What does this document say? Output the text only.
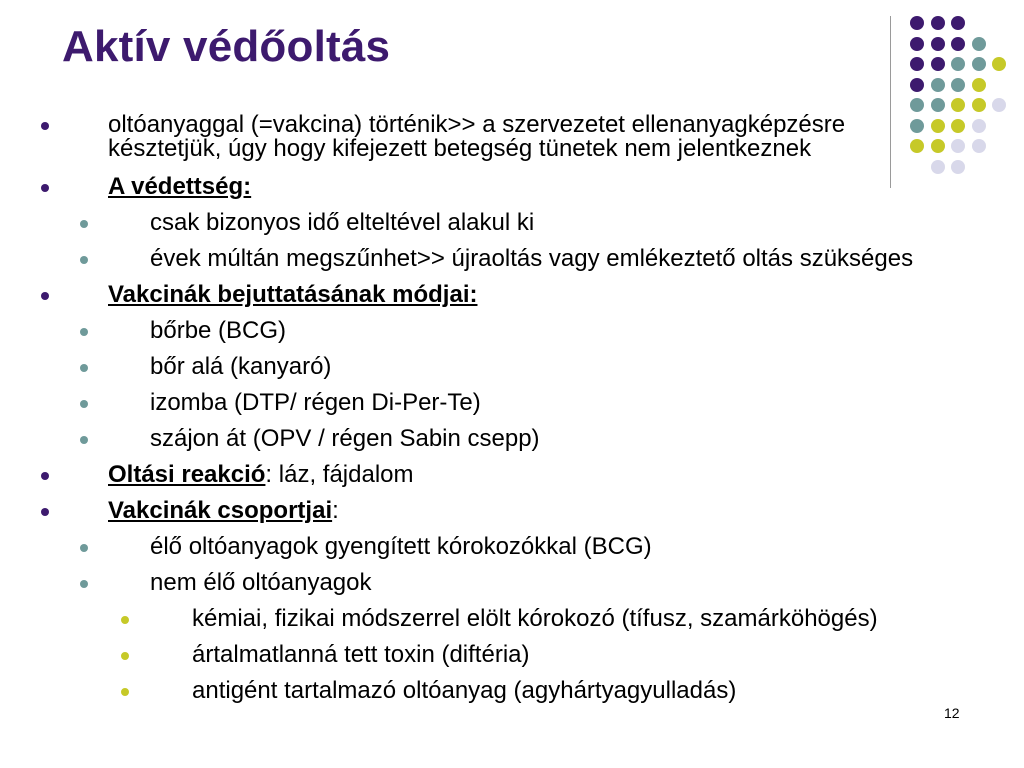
Aktív védőoltás
oltóanyaggal (=vakcina) történik>> a szervezetet ellenanyagképzésre késztetjük, úgy hogy kifejezett betegség tünetek nem jelentkeznek
A védettség:
csak bizonyos idő elteltével alakul ki
évek múltán megszűnhet>> újraoltás vagy emlékeztető oltás szükséges
Vakcinák bejuttatásának módjai:
bőrbe (BCG)
bőr alá (kanyaró)
izomba (DTP/ régen Di-Per-Te)
szájon át (OPV / régen Sabin csepp)
Oltási reakció: láz, fájdalom
Vakcinák csoportjai:
élő oltóanyagok gyengített kórokozókkal (BCG)
nem élő oltóanyagok
kémiai, fizikai módszerrel elölt kórokozó (tífusz, szamárköhögés)
ártalmatlanná tett toxin (diftéria)
antigént tartalmazó oltóanyag (agyhártyagyulladás)
12
